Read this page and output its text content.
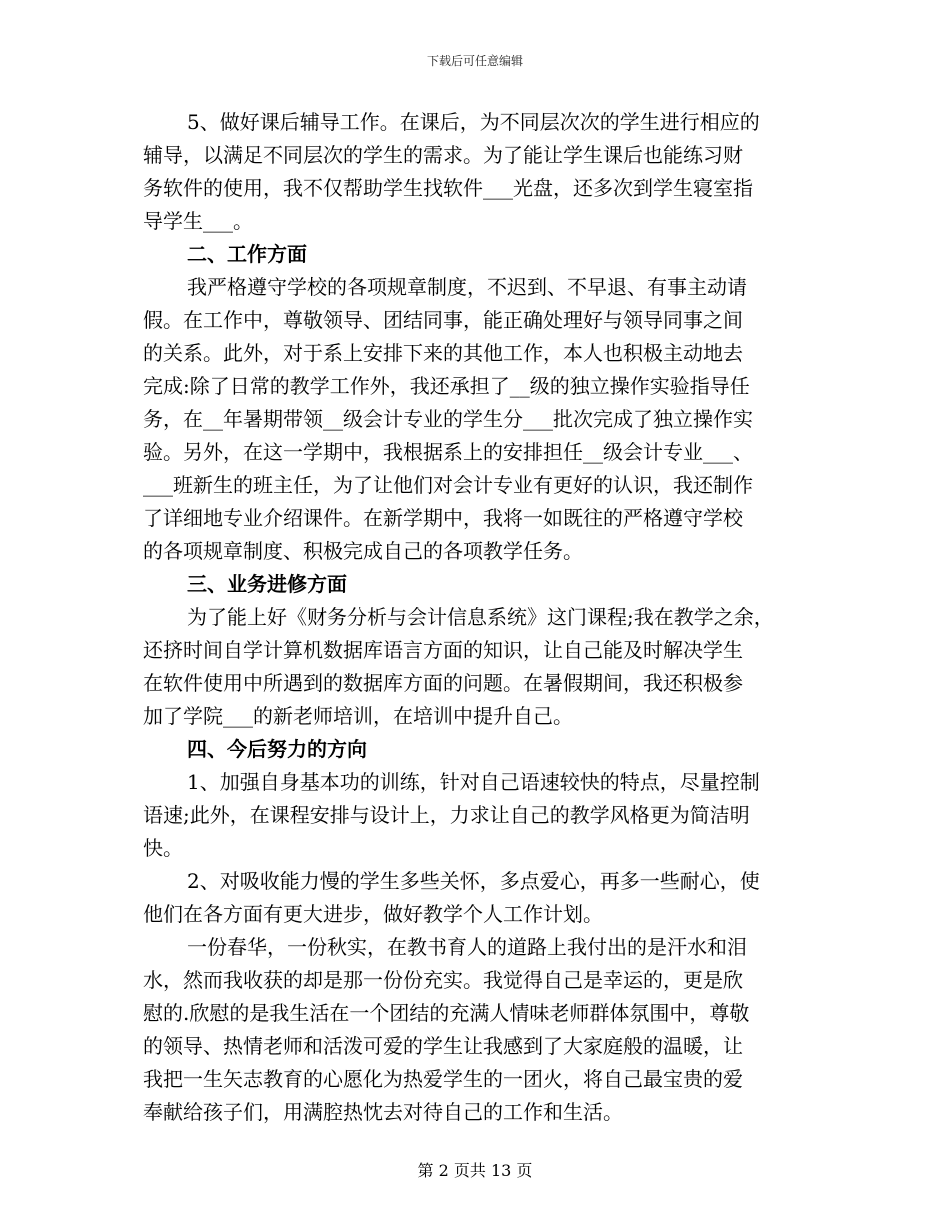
下载后可任意编辑
5、做好课后辅导工作。在课后，为不同层次次的学生进行相应的
辅导，以满足不同层次的学生的需求。为了能让学生课后也能练习财
务软件的使用，我不仅帮助学生找软件___光盘，还多次到学生寝室指
导学生___。
二、工作方面
我严格遵守学校的各项规章制度，不迟到、不早退、有事主动请
假。在工作中，尊敬领导、团结同事，能正确处理好与领导同事之间
的关系。此外，对于系上安排下来的其他工作，本人也积极主动地去
完成:除了日常的教学工作外，我还承担了__级的独立操作实验指导任
务，在__年暑期带领__级会计专业的学生分___批次完成了独立操作实
验。另外，在这一学期中，我根据系上的安排担任__级会计专业___、
___班新生的班主任，为了让他们对会计专业有更好的认识，我还制作
了详细地专业介绍课件。在新学期中，我将一如既往的严格遵守学校
的各项规章制度、积极完成自己的各项教学任务。
三、业务进修方面
为了能上好《财务分析与会计信息系统》这门课程;我在教学之余，
还挤时间自学计算机数据库语言方面的知识，让自己能及时解决学生
在软件使用中所遇到的数据库方面的问题。在暑假期间，我还积极参
加了学院___的新老师培训，在培训中提升自己。
四、今后努力的方向
1、加强自身基本功的训练，针对自己语速较快的特点，尽量控制
语速;此外，在课程安排与设计上，力求让自己的教学风格更为简洁明
快。
2、对吸收能力慢的学生多些关怀，多点爱心，再多一些耐心，使
他们在各方面有更大进步，做好教学个人工作计划。
一份春华，一份秋实，在教书育人的道路上我付出的是汗水和泪
水，然而我收获的却是那一份份充实。我觉得自己是幸运的，更是欣
慰的.欣慰的是我生活在一个团结的充满人情味老师群体氛围中，尊敬
的领导、热情老师和活泼可爱的学生让我感到了大家庭般的温暖，让
我把一生矢志教育的心愿化为热爱学生的一团火，将自己最宝贵的爱
奉献给孩子们，用满腔热忱去对待自己的工作和生活。
第 2 页共 13 页
